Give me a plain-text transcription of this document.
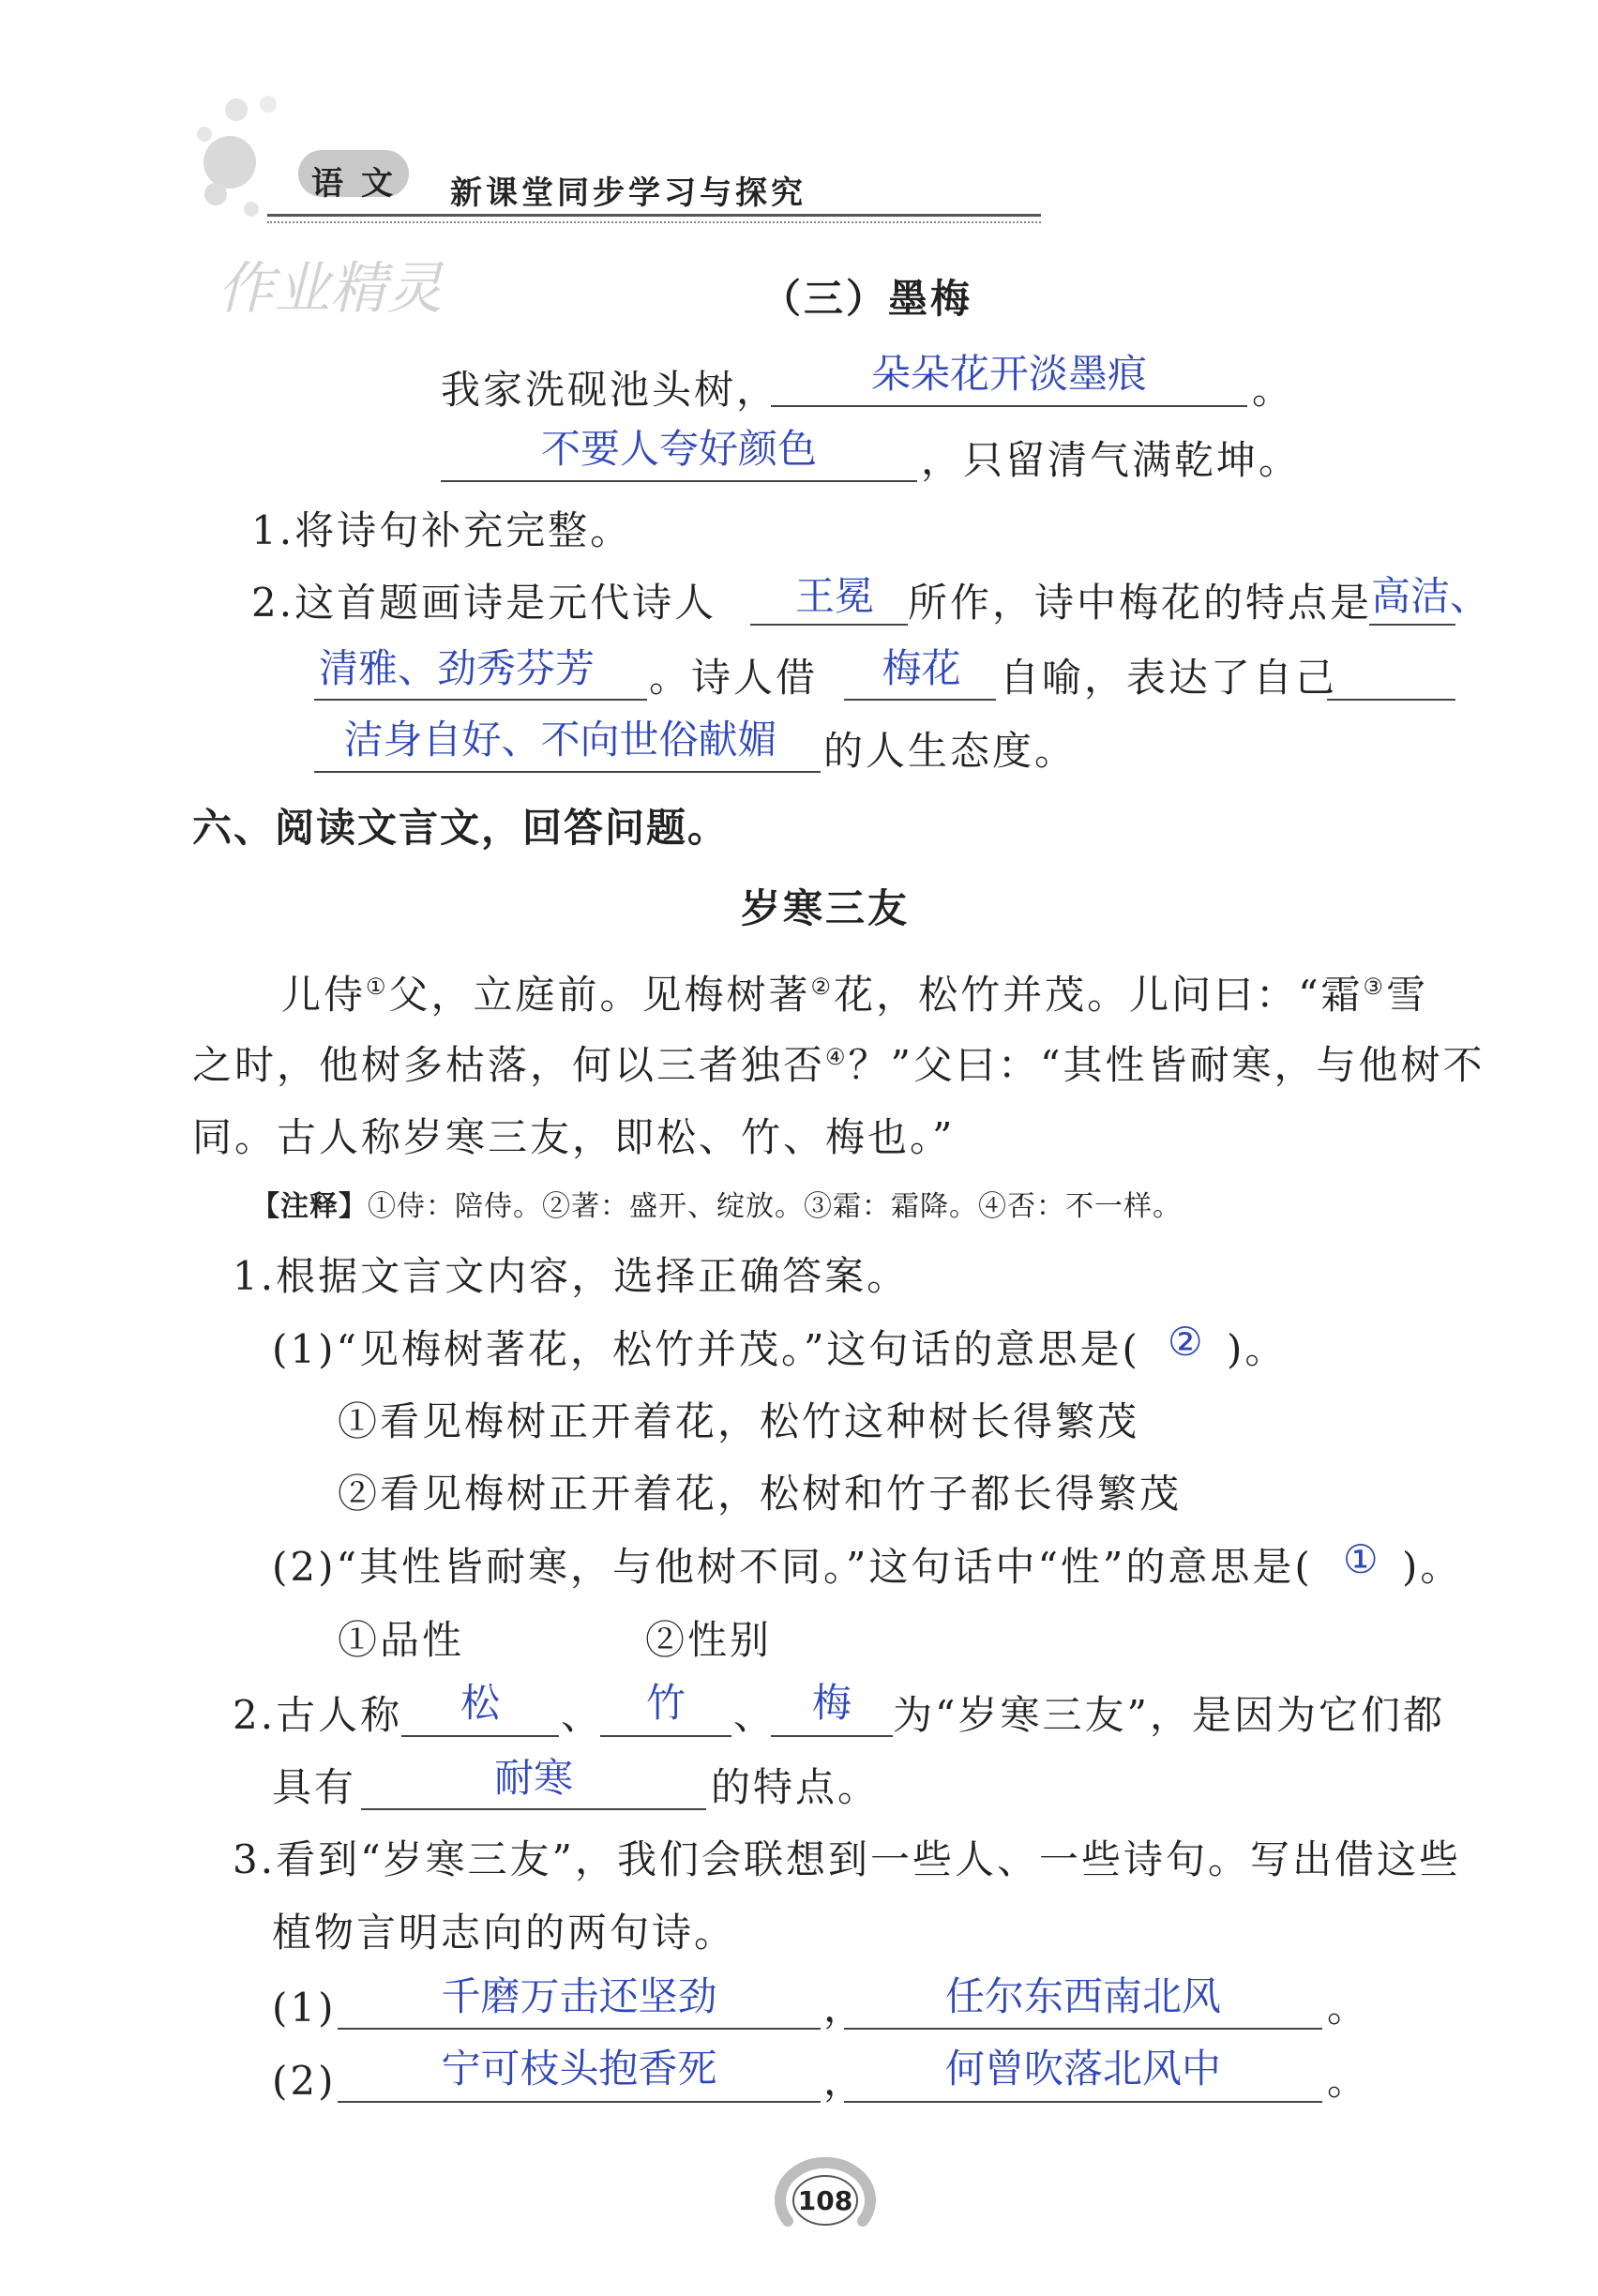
语 文 新课堂同步学习与探究
作业精灵	（三）墨梅
我家洗砚池头树，	朵朵花开淡墨痕	。
不要人夸好颜色	，只留清气满乾坤。
1.将诗句补充完整。
2.这首题画诗是元代诗人	王冕 所作，诗中梅花的特点是
高洁、
清雅、劲秀芬芳 。诗人借	梅花 自喻，表达了自己
洁身自好、不向世俗献媚	的人生态度。
六、阅读文言文，回答问题。
岁寒三友
儿侍①父，立庭前。见梅树著②花，松竹并茂。儿问曰：“霜③雪
之时，他树多枯落，何以三者独否④？”父曰：“其性皆耐寒，与他树不
同。古人称岁寒三友，即松、竹、梅也。”
【注释】①侍：陪侍。②著：盛开、绽放。③霜：霜降。④否：不一样。
1.根据文言文内容，选择正确答案。
(1)“见梅树著花，松竹并茂。”这句话的意思是( ② )。
①看见梅树正开着花，松竹这种树长得繁茂
②看见梅树正开着花，松树和竹子都长得繁茂
(2)“其性皆耐寒，与他树不同。”这句话中“性”的意思是( ① )。
①品性	②性别
2.古人称	松	、	竹	、 梅	为“岁寒三友”，是因为它们都
具有	耐寒	的特点。
3.看到“岁寒三友”，我们会联想到一些人、一些诗句。写出借这些
植物言明志向的两句诗。
(1)	千磨万击还坚劲	，	任尔东西南北风	。
(2)	宁可枝头抱香死	，	何曾吹落北风中	。
108
